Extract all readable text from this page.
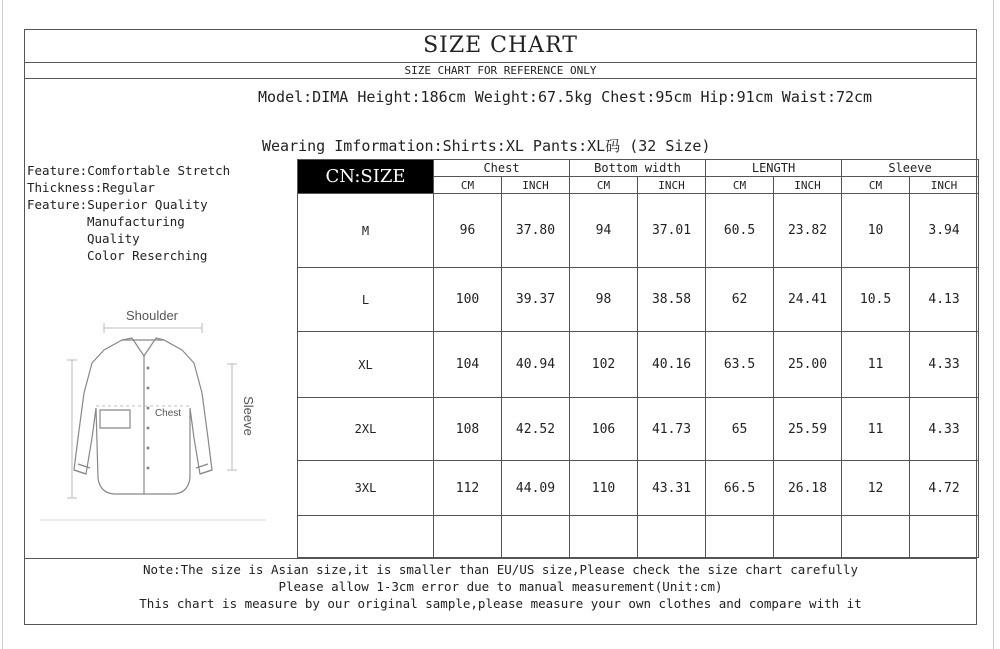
SIZE CHART
SIZE CHART FOR REFERENCE ONLY
Model:DIMA Height:186cm Weight:67.5kg Chest:95cm Hip:91cm Waist:72cm
Wearing Imformation:Shirts:XL Pants:XL码 (32 Size)
Feature:Comfortable Stretch
Thickness:Regular
Feature:Superior Quality
Manufacturing
Quality
Color Reserching
Shoulder
Chest	Sleeve
CN:SIZE	Chest		Bottom width		LENGTH		Sleeve	
	CM	INCH	CM	INCH	CM	INCH	CM	INCH
M	96	37.80	94	37.01	60.5	23.82	10	3.94
L	100	39.37	98	38.58	62	24.41	10.5	4.13
XL	104	40.94	102	40.16	63.5	25.00	11	4.33
2XL	108	42.52	106	41.73	65	25.59	11	4.33
3XL	112	44.09	110	43.31	66.5	26.18	12	4.72

Note:The size is Asian size,it is smaller than EU/US size,Please check the size chart carefully
Please allow 1-3cm error due to manual measurement(Unit:cm)
This chart is measure by our original sample,please measure your own clothes and compare with it
